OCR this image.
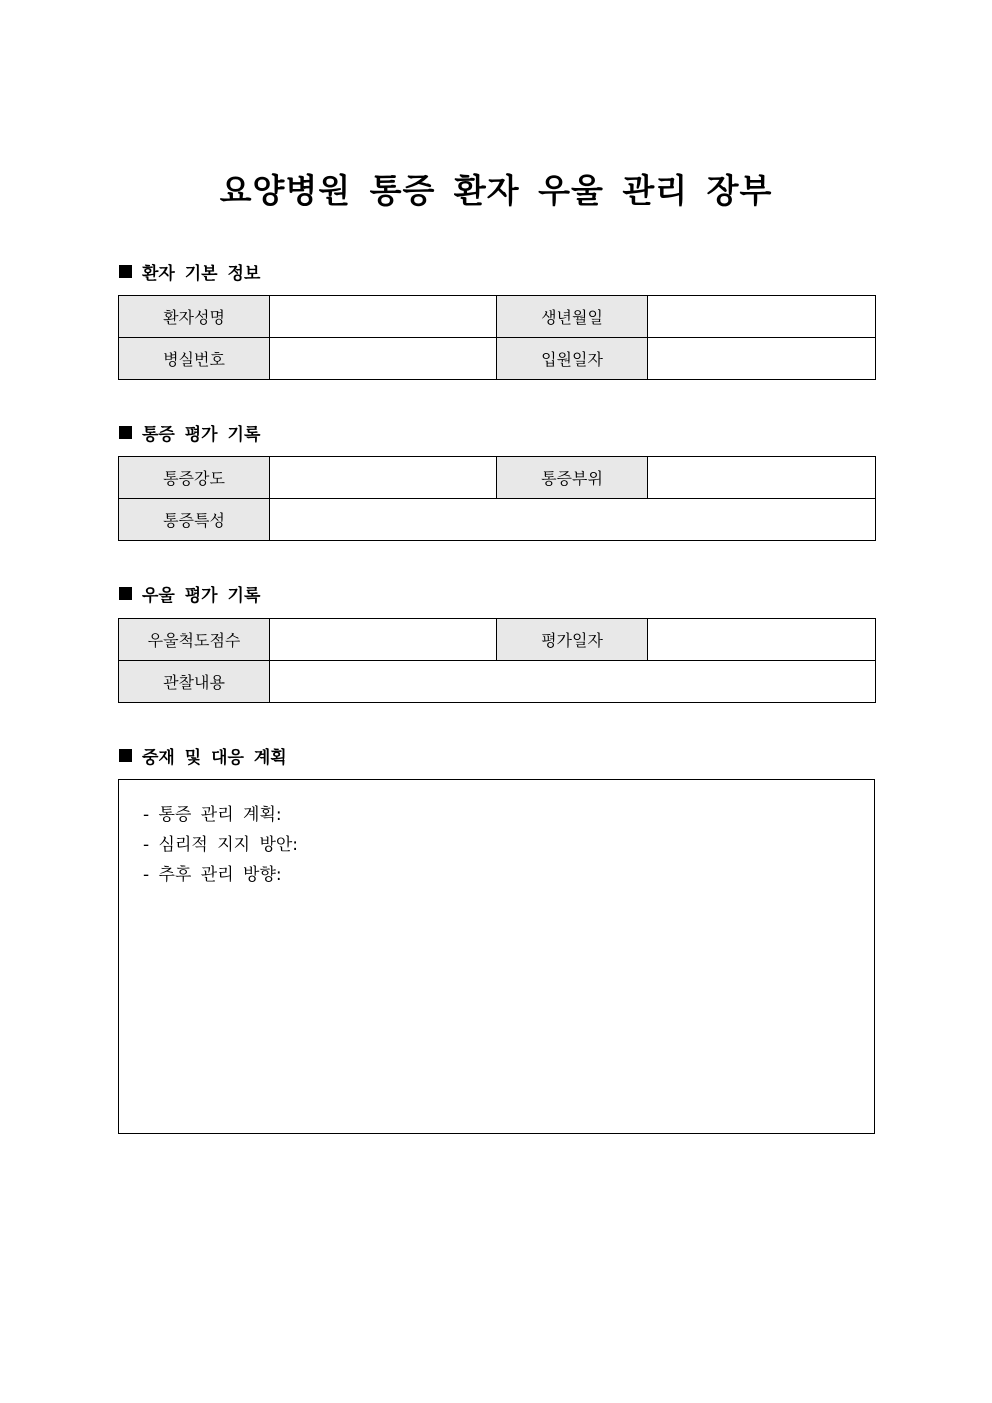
요양병원 통증 환자 우울 관리 장부
환자 기본 정보
환자성명		생년월일	
병실번호		입원일자	
통증 평가 기록
통증강도		통증부위	
통증특성			
우울 평가 기록
우울척도점수		평가일자	
관찰내용			
중재 및 대응 계획
- 통증 관리 계획:
- 심리적 지지 방안:
- 추후 관리 방향:
